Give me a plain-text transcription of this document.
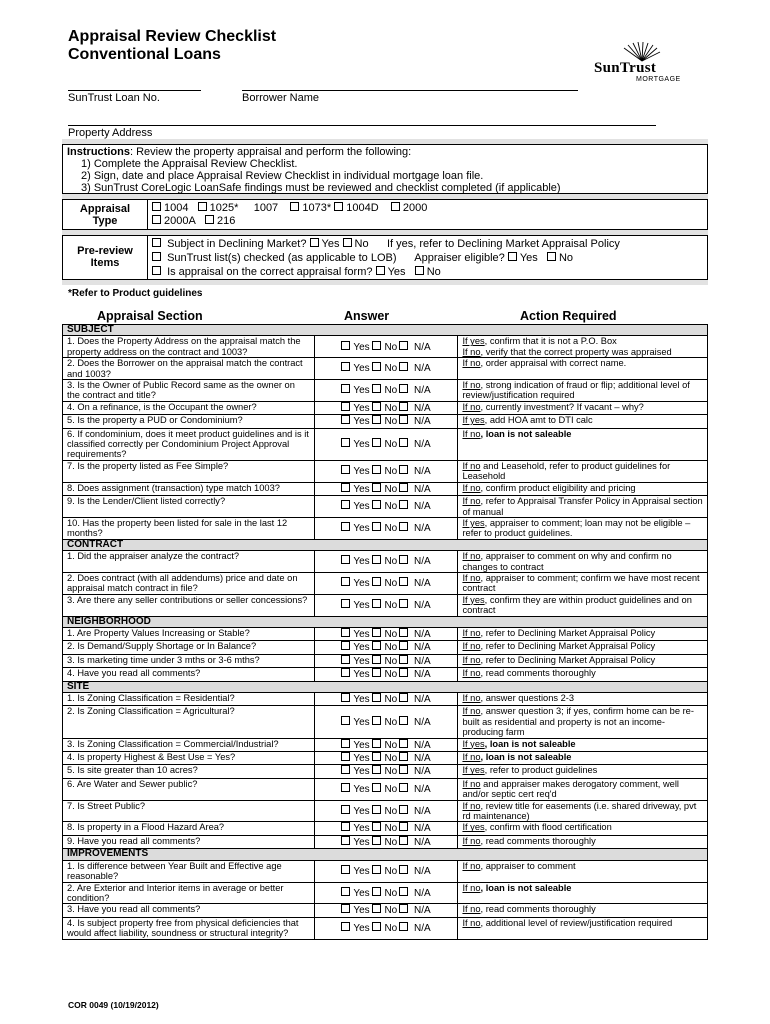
Appraisal Review Checklist
Conventional Loans
SunTrust
MORTGAGE
SunTrust Loan No.	Borrower Name
Property Address
Instructions: Review the property appraisal and perform the following:
1) Complete the Appraisal Review Checklist.
2) Sign, date and place Appraisal Review Checklist in individual mortgage loan file.
3) SunTrust CoreLogic LoanSafe findings must be reviewed and checklist completed (if applicable)
Appraisal
Type
1004 1025* 1007 1073* 1004D 2000
2000A 216
Pre-review
Items
Subject in Declining Market? Yes No If yes, refer to Declining Market Appraisal Policy
SunTrust list(s) checked (as applicable to LOB) Appraiser eligible? Yes No
Is appraisal on the correct appraisal form? Yes No
*Refer to Product guidelines
Appraisal Section	Answer	Action Required
SUBJECT		
1. Does the Property Address on the appraisal match the property address on the contract and 1003?	Yes No N/A	If yes, confirm that it is not a P.O. Box
If no, verify that the correct property was appraised

2. Does the Borrower on the appraisal match the contract and 1003?	Yes No N/A	If no, order appraisal with correct name.

3. Is the Owner of Public Record same as the owner on the contract and title?	Yes No N/A	If no, strong indication of fraud or flip; additional level of review/justification required

4. On a refinance, is the Occupant the owner?	Yes No N/A	If no, currently investment? If vacant – why?

5. Is the property a PUD or Condominium?	Yes No N/A	If yes, add HOA amt to DTI calc

6. If condominium, does it meet product guidelines and is it classified correctly per Condominium Project Approval requirements?	Yes No N/A	If no, loan is not saleable

7. Is the property listed as Fee Simple?	Yes No N/A	If no and Leasehold, refer to product guidelines for Leasehold

8. Does assignment (transaction) type match 1003?	Yes No N/A	If no, confirm product eligibility and pricing

9. Is the Lender/Client listed correctly?	Yes No N/A	If no, refer to Appraisal Transfer Policy in Appraisal section of manual

10. Has the property been listed for sale in the last 12 months?	Yes No N/A	If yes, appraiser to comment; loan may not be eligible – refer to product guidelines.

CONTRACT		
1. Did the appraiser analyze the contract?	Yes No N/A	If no, appraiser to comment on why and confirm no changes to contract

2. Does contract (with all addendums) price and date on appraisal match contract in file?	Yes No N/A	If no, appraiser to comment; confirm we have most recent contract

3. Are there any seller contributions or seller concessions?	Yes No N/A	If yes, confirm they are within product guidelines and on contract

NEIGHBORHOOD		
1. Are Property Values Increasing or Stable?	Yes No N/A	If no, refer to Declining Market Appraisal Policy

2. Is Demand/Supply Shortage or In Balance?	Yes No N/A	If no, refer to Declining Market Appraisal Policy

3. Is marketing time under 3 mths or 3-6 mths?	Yes No N/A	If no, refer to Declining Market Appraisal Policy

4. Have you read all comments?	Yes No N/A	If no, read comments thoroughly

SITE		
1. Is Zoning Classification = Residential?	Yes No N/A	If no, answer questions 2-3

2. Is Zoning Classification = Agricultural?	Yes No N/A	If no, answer question 3; if yes, confirm home can be re-built as residential and property is not an income-producing farm

3. Is Zoning Classification = Commercial/Industrial?	Yes No N/A	If yes, loan is not saleable

4. Is property Highest & Best Use = Yes?	Yes No N/A	If no, loan is not saleable

5. Is site greater than 10 acres?	Yes No N/A	If yes, refer to product guidelines

6. Are Water and Sewer public?	Yes No N/A	If no and appraiser makes derogatory comment, well and/or septic cert req'd

7. Is Street Public?	Yes No N/A	If no, review title for easements (i.e. shared driveway, pvt rd maintenance)

8. Is property in a Flood Hazard Area?	Yes No N/A	If yes, confirm with flood certification

9. Have you read all comments?	Yes No N/A	If no, read comments thoroughly

IMPROVEMENTS		
1. Is difference between Year Built and Effective age reasonable?	Yes No N/A	If no, appraiser to comment

2. Are Exterior and Interior items in average or better condition?	Yes No N/A	If no, loan is not saleable

3. Have you read all comments?	Yes No N/A	If no, read comments thoroughly

4. Is subject property free from physical deficiencies that would affect liability, soundness or structural integrity?	Yes No N/A	If no, additional level of review/justification required
COR 0049 (10/19/2012)
